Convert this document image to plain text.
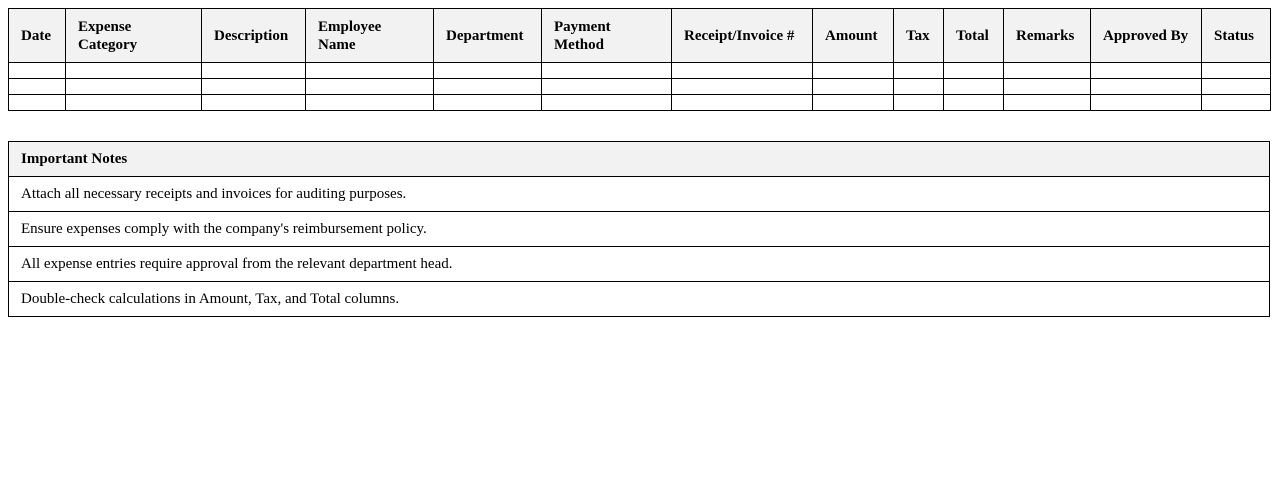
Date	Expense Category	Description	Employee Name	Department	Payment Method	Receipt/Invoice #	Amount	Tax	Total	Remarks	Approved By	Status

Important Notes
Attach all necessary receipts and invoices for auditing purposes.
Ensure expenses comply with the company's reimbursement policy.
All expense entries require approval from the relevant department head.
Double-check calculations in Amount, Tax, and Total columns.
